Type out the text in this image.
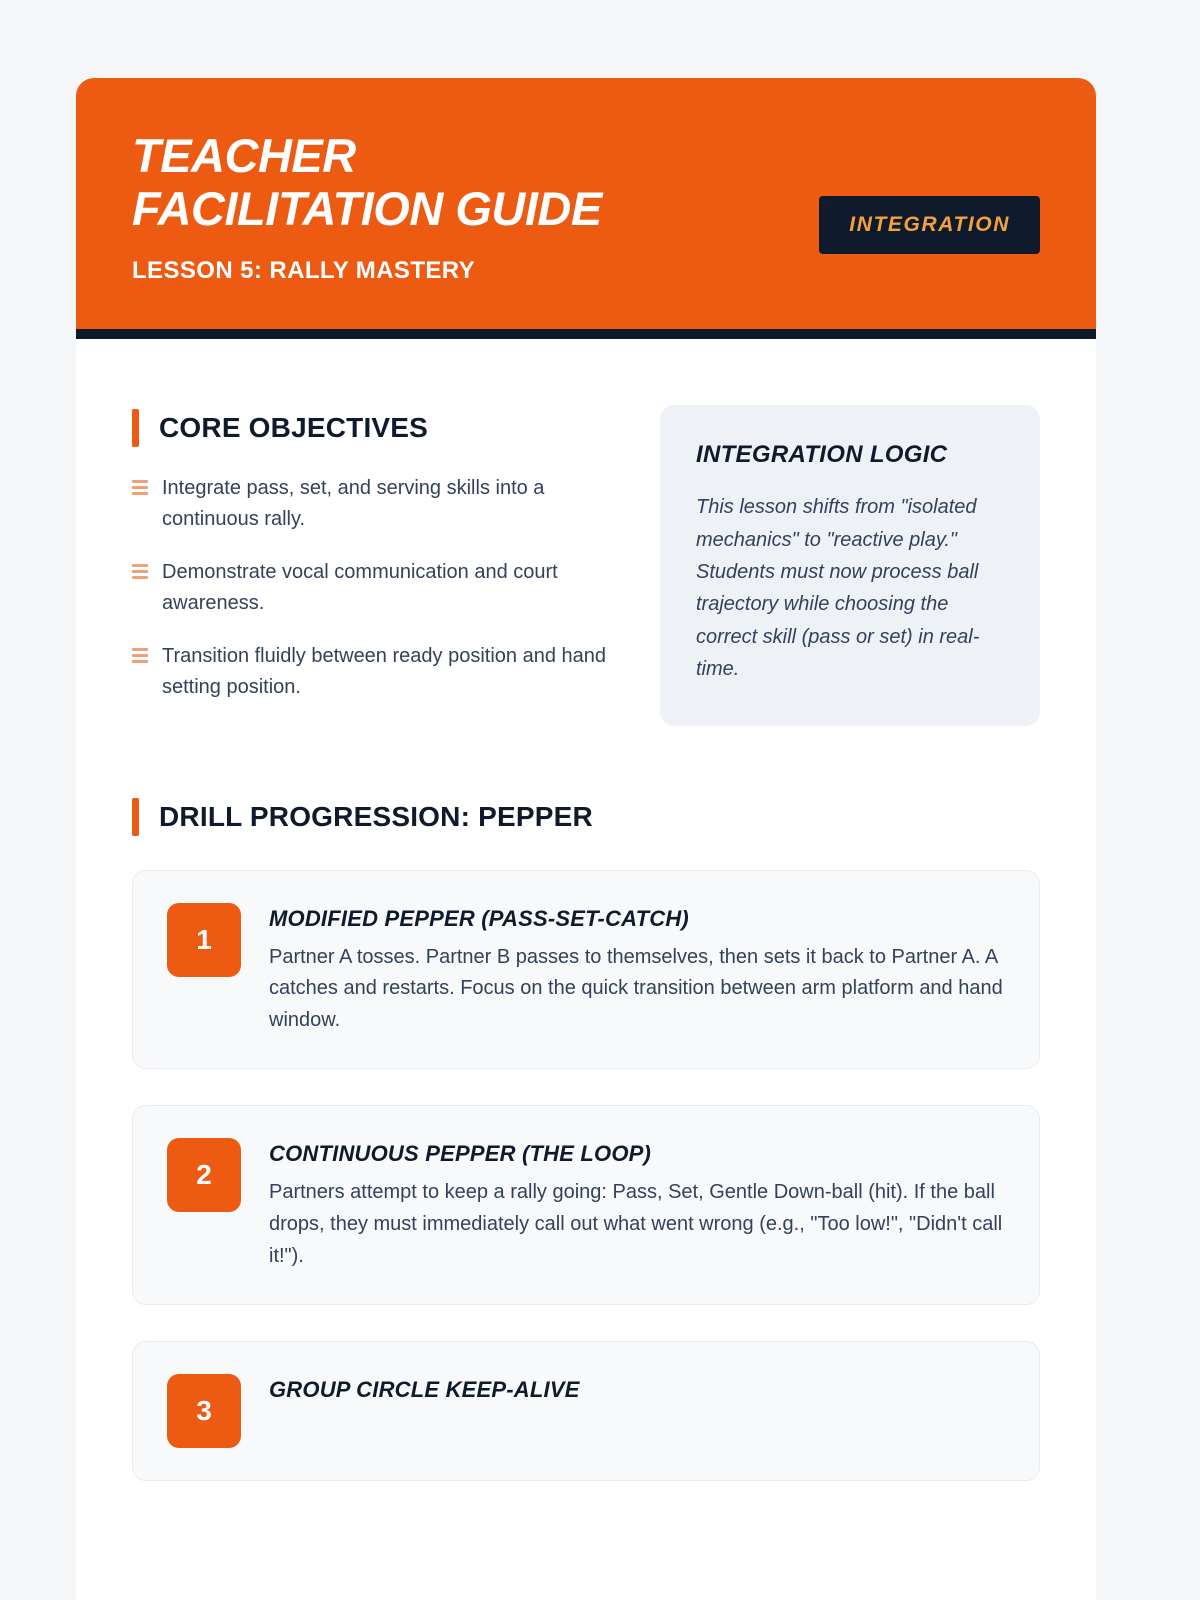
TEACHER
FACILITATION GUIDE	INTEGRATION
LESSON 5: RALLY MASTERY
CORE OBJECTIVES
Integrate pass, set, and serving skills into a continuous rally.
Demonstrate vocal communication and court awareness.
Transition fluidly between ready position and hand setting position.
INTEGRATION LOGIC
This lesson shifts from "isolated mechanics" to "reactive play." Students must now process ball trajectory while choosing the correct skill (pass or set) in real-time.
DRILL PROGRESSION: PEPPER
1
MODIFIED PEPPER (PASS-SET-CATCH)
Partner A tosses. Partner B passes to themselves, then sets it back to Partner A. A catches and restarts. Focus on the quick transition between arm platform and hand window.
2
CONTINUOUS PEPPER (THE LOOP)
Partners attempt to keep a rally going: Pass, Set, Gentle Down-ball (hit). If the ball drops, they must immediately call out what went wrong (e.g., "Too low!", "Didn't call it!").
3
GROUP CIRCLE KEEP-ALIVE
